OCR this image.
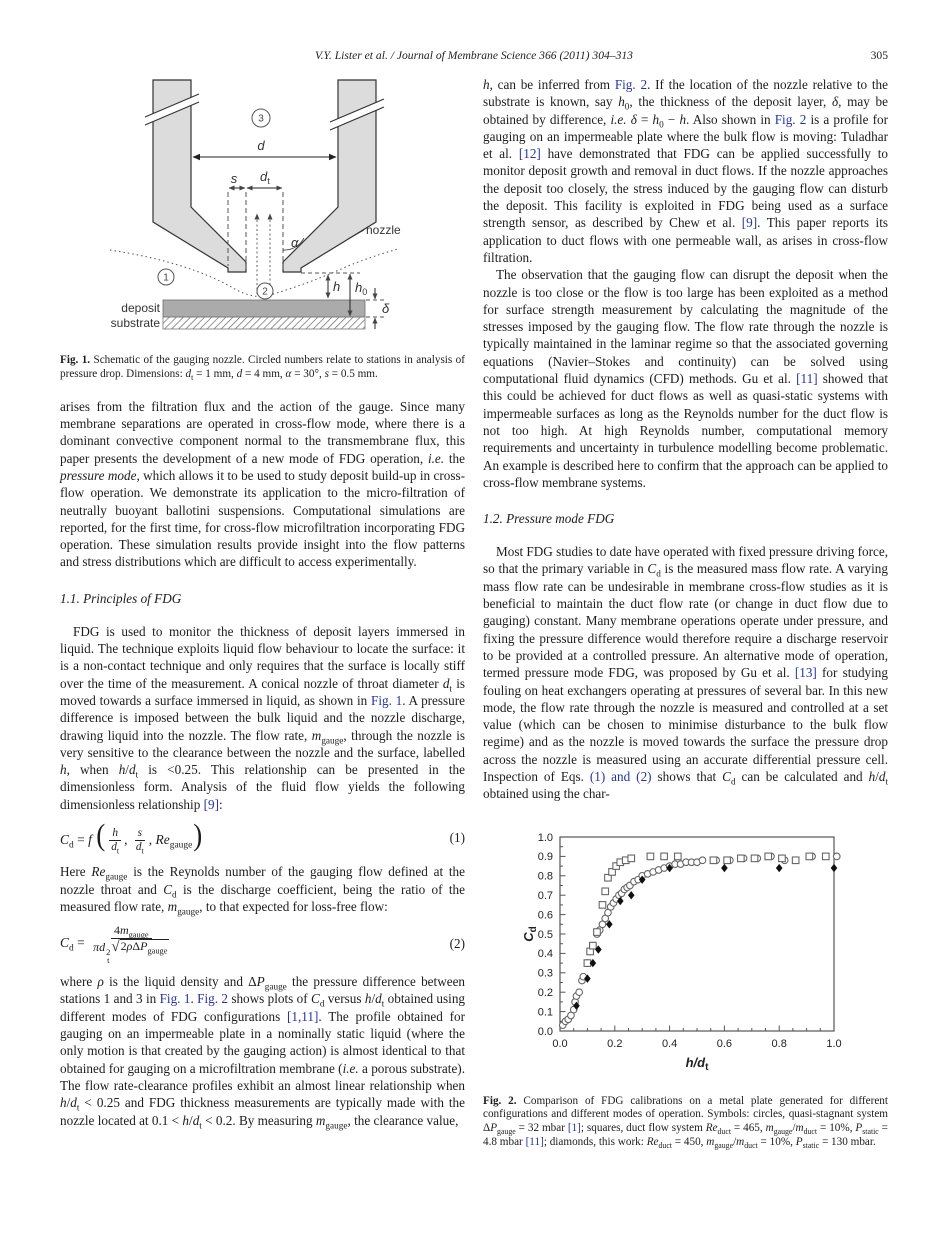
V.Y. Lister et al. / Journal of Membrane Science 366 (2011) 304–313	305
d
s $d_t$
α
nozzle
3
1
2	h $h_0$
δ
deposit
substrate
Fig. 1. Schematic of the gauging nozzle. Circled numbers relate to stations in analysis of pressure drop. Dimensions: $d_t = 1$ mm, d = 4 mm, α = 30°, s = 0.5 mm.

arises from the filtration flux and the action of the gauge. Since many membrane separations are operated in cross-flow mode, where there is a dominant convective component normal to the transmembrane flux, this paper presents the development of a new mode of FDG operation, i.e. the pressure mode, which allows it to be used to study deposit build-up in cross-flow operation. We demonstrate its application to the micro-filtration of neutrally buoyant ballotini suspensions. Computational simulations are reported, for the first time, for cross-flow microfiltration incorporating FDG operation. These simulation results provide insight into the flow patterns and stress distributions which are difficult to access experimentally.

1.1. Principles of FDG

FDG is used to monitor the thickness of deposit layers immersed in liquid. The technique exploits liquid flow behaviour to locate the surface: it is a non-contact technique and only requires that the surface is locally stiff over the time of the measurement. A conical nozzle of throat diameter $d_t$ is moved towards a surface immersed in liquid, as shown in Fig. 1. A pressure difference is imposed between the bulk liquid and the nozzle discharge, drawing liquid into the nozzle. The flow rate, $m_{gauge}$, through the nozzle is very sensitive to the clearance between the nozzle and the surface, labelled h, when $h/d_t$ is <0.25. This relationship can be presented in the dimensionless form. Analysis of the fluid flow yields the following dimensionless relationship [9]:

$C_d = f$ ( $\frac{h}{d_t}$ , $\frac{s}{d_t}$ , $Re_{gauge}$)	(1)

Here $Re_{gauge}$ is the Reynolds number of the gauging flow defined at the nozzle throat and $C_d$ is the discharge coefficient, being the ratio of the measured flow rate, $m_{gauge}$, to that expected for loss-free flow:

$C_d = 4m_{gauge}$
πd 2
t
√ 2ρΔP$_{gauge}$	(2)

where ρ is the liquid density and $\Delta P_{gauge}$ the pressure difference between stations 1 and 3 in Fig. 1. Fig. 2 shows plots of $C_d$ versus $h/d_t$ obtained using different modes of FDG configurations [1,11]. The profile obtained for gauging on an impermeable plate in a nominally static liquid (where the only motion is that created by the gauging action) is almost identical to that obtained for gauging on a microfiltration membrane (i.e. a porous substrate). The flow rate-clearance profiles exhibit an almost linear relationship when $h/d_t < 0.25$ and FDG thickness measurements are typically made with the nozzle located at $0.1 < h/d_t < 0.2$. By measuring $m_{gauge}$, the clearance value,

h, can be inferred from Fig. 2. If the location of the nozzle relative to the substrate is known, say $h_0$, the thickness of the deposit layer, δ, may be obtained by difference, i.e. $\delta = h_0 - h$. Also shown in Fig. 2 is a profile for gauging on an impermeable plate where the bulk flow is moving: Tuladhar et al. [12] have demonstrated that FDG can be applied successfully to monitor deposit growth and removal in duct flows. If the nozzle approaches the deposit too closely, the stress induced by the gauging flow can disturb the deposit. This facility is exploited in FDG being used as a surface strength sensor, as described by Chew et al. [9]. This paper reports its application to duct flows with one permeable wall, as arises in cross-flow filtration.

The observation that the gauging flow can disrupt the deposit when the nozzle is too close or the flow is too large has been exploited as a method for surface strength measurement by calculating the magnitude of the stresses imposed by the gauging flow. The flow rate through the nozzle is typically maintained in the laminar regime so that the associated governing equations (Navier–Stokes and continuity) can be solved using computational fluid dynamics (CFD) methods. Gu et al. [11] showed that this could be achieved for duct flows as well as quasi-static systems with impermeable surfaces as long as the Reynolds number for the duct flow is not too high. At high Reynolds number, computational memory requirements and uncertainty in turbulence modelling become problematic. An example is described here to confirm that the approach can be applied to cross-flow membrane systems.

1.2. Pressure mode FDG

Most FDG studies to date have operated with fixed pressure driving force, so that the primary variable in $C_d$ is the measured mass flow rate. A varying mass flow rate can be undesirable in membrane cross-flow studies as it is beneficial to maintain the duct flow rate (or change in duct flow due to gauging) constant. Many membrane operations operate under pressure, and fixing the pressure difference would therefore require a discharge reservoir to be provided at a controlled pressure. An alternative mode of operation, termed pressure mode FDG, was proposed by Gu et al. [13] for studying fouling on heat exchangers operating at pressures of several bar. In this new mode, the flow rate through the nozzle is measured and controlled at a set value (which can be chosen to minimise disturbance to the bulk flow regime) and as the nozzle is moved towards the surface the pressure drop across the nozzle is measured using an accurate differential pressure cell. Inspection of Eqs. (1) and (2) shows that $C_d$ can be calculated and $h/d_t$ obtained using the char-

0.0	0.2	0.4	0.6	0.8	1.0
0.0
0.1
0.2
0.3
0.4
0.5
0.6
0.7
0.8
0.9
1.0
$h/d_t$
$C_d$
Fig. 2. Comparison of FDG calibrations on a metal plate generated for different configurations and different modes of operation. Symbols: circles, quasi-stagnant system $\Delta P_{gauge} = 32$ mbar [1]; squares, duct flow system $Re_{duct} = 465$, $m_{gauge}/m_{duct} = 10\%$, $P_{static} = 4.8$ mbar [11]; diamonds, this work: $Re_{duct} = 450$, $m_{gauge}/m_{duct} = 10\%$, $P_{static} = 130$ mbar.
